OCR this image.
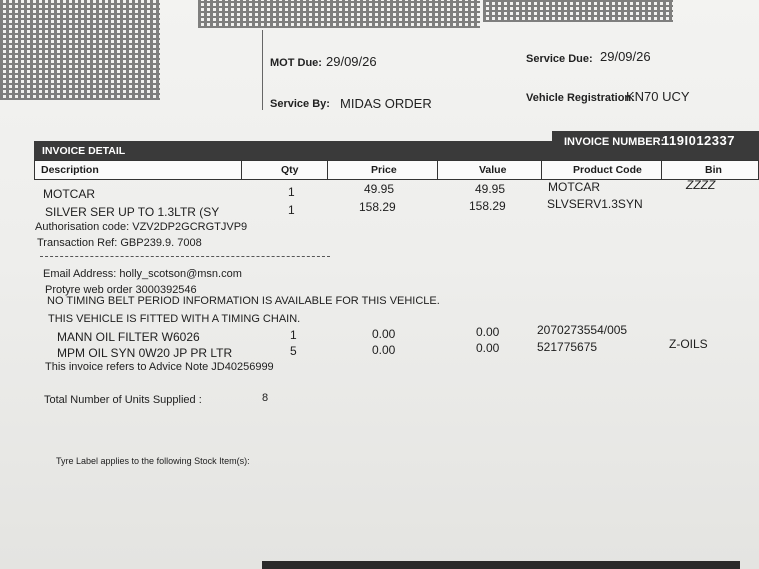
MOT Due: 29/09/26	Service Due: 29/09/26
Service By: MIDAS ORDER	Vehicle Registration:
KN70 UCY
INVOICE DETAIL
INVOICE NUMBER:
119I012337
Description	Qty	Price	Value	Product Code	Bin
MOTCAR	1	49.95	49.95	MOTCAR	ZZZZ
SILVER SER UP TO 1.3LTR (SY	1	158.29	158.29	SLVSERV1.3SYN
Authorisation code: VZV2DP2GCRGTJVP9
Transaction Ref: GBP239.9. 7008
Email Address: holly_scotson@msn.com
Protyre web order 3000392546
NO TIMING BELT PERIOD INFORMATION IS AVAILABLE FOR THIS VEHICLE.
THIS VEHICLE IS FITTED WITH A TIMING CHAIN.
MANN OIL FILTER W6026	1	0.00	0.00	2070273554/005
MPM OIL SYN 0W20 JP PR LTR	5	0.00	0.00	521775675	Z-OILS
This invoice refers to Advice Note JD40256999
Total Number of Units Supplied :	8
Tyre Label applies to the following Stock Item(s):
